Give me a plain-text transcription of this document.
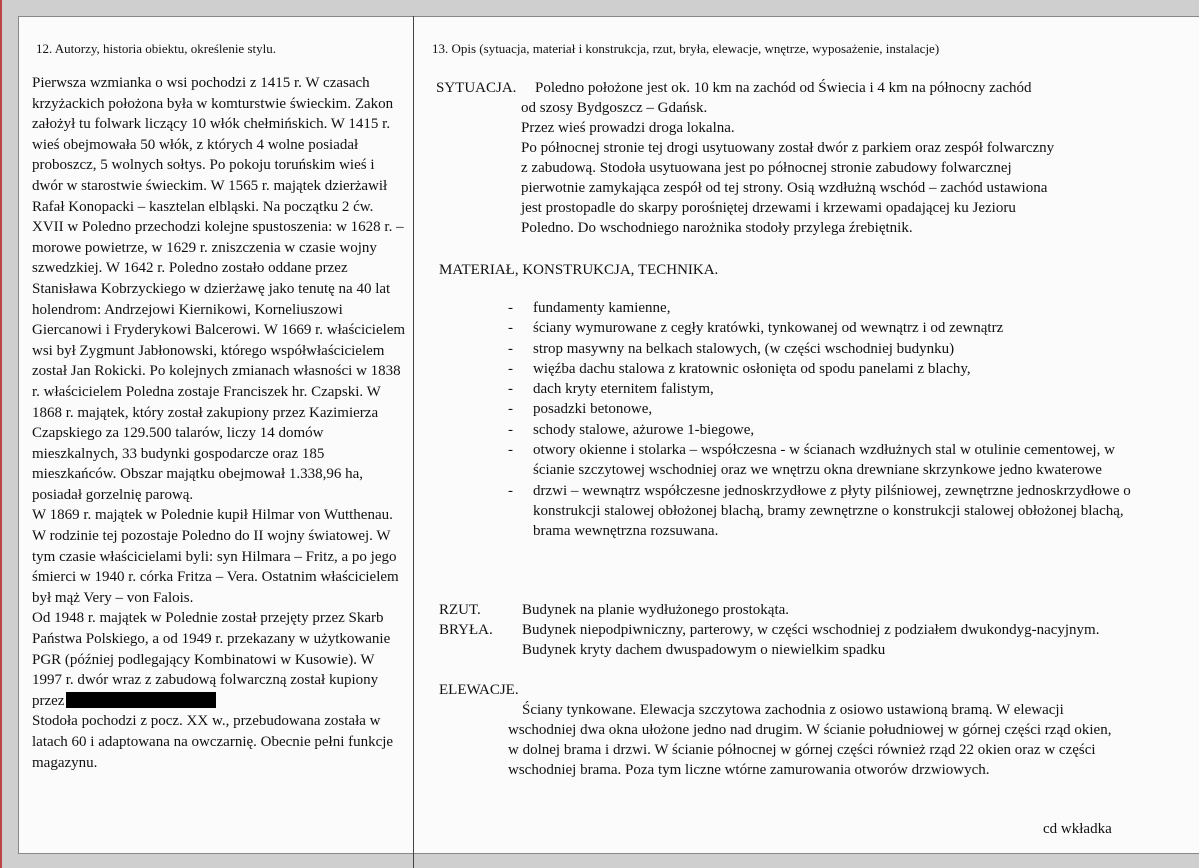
12. Autorzy, historia obiektu, określenie stylu.

Pierwsza wzmianka o wsi pochodzi z 1415 r. W czasach krzyżackich położona była w komturstwie świeckim. Zakon założył tu folwark liczący 10 włók chełmińskich. W 1415 r. wieś obejmowała 50 włók, z których 4 wolne posiadał proboszcz, 5 wolnych sołtys. Po pokoju toruńskim wieś i dwór w starostwie świeckim. W 1565 r. majątek dzierżawił Rafał Konopacki – kasztelan elbląski. Na początku 2 ćw. XVII w Poledno przechodzi kolejne spustoszenia: w 1628 r. – morowe powietrze, w 1629 r. zniszczenia w czasie wojny szwedzkiej. W 1642 r. Poledno zostało oddane przez Stanisława Kobrzyckiego w dzierżawę jako tenutę na 40 lat holendrom: Andrzejowi Kiernikowi, Korneliuszowi Giercanowi i Fryderykowi Balcerowi. W 1669 r. właścicielem wsi był Zygmunt Jabłonowski, którego współwłaścicielem został Jan Rokicki. Po kolejnych zmianach własności w 1838 r. właścicielem Poledna zostaje Franciszek hr. Czapski. W 1868 r. majątek, który został zakupiony przez Kazimierza Czapskiego za 129.500 talarów, liczy 14 domów mieszkalnych, 33 budynki gospodarcze oraz 185 mieszkańców. Obszar majątku obejmował 1.338,96 ha, posiadał gorzelnię parową.

W 1869 r. majątek w Polednie kupił Hilmar von Wutthenau. W rodzinie tej pozostaje Poledno do II wojny światowej. W tym czasie właścicielami byli: syn Hilmara – Fritz, a po jego śmierci w 1940 r. córka Fritza – Vera. Ostatnim właścicielem był mąż Very – von Falois.

Od 1948 r. majątek w Polednie został przejęty przez Skarb Państwa Polskiego, a od 1949 r. przekazany w użytkowanie PGR (później podlegający Kombinatowi w Kusowie). W 1997 r. dwór wraz z zabudową folwarczną został kupiony przez
Stodoła pochodzi z pocz. XX w., przebudowana została w latach 60 i adaptowana na owczarnię. Obecnie pełni funkcje magazynu.

13. Opis (sytuacja, materiał i konstrukcja, rzut, bryła, elewacje, wnętrze, wyposażenie, instalacje)
SYTUACJA. Poledno położone jest ok. 10 km na zachód od Świecia i 4 km na północny zachód
od szosy Bydgoszcz – Gdańsk.
Przez wieś prowadzi droga lokalna.
Po północnej stronie tej drogi usytuowany został dwór z parkiem oraz zespół folwarczny
z zabudową. Stodoła usytuowana jest po północnej stronie zabudowy folwarcznej
pierwotnie zamykająca zespół od tej strony. Osią wzdłużną wschód – zachód ustawiona
jest prostopadle do skarpy porośniętej drzewami i krzewami opadającej ku Jezioru
Poledno. Do wschodniego narożnika stodoły przylega źrebiętnik.
MATERIAŁ, KONSTRUKCJA, TECHNIKA.
- fundamenty kamienne,
- ściany wymurowane z cegły kratówki, tynkowanej od wewnątrz i od zewnątrz
- strop masywny na belkach stalowych, (w części wschodniej budynku)
- więźba dachu stalowa z kratownic osłonięta od spodu panelami z blachy,
- dach kryty eternitem falistym,
- posadzki betonowe,
- schody stalowe, ażurowe 1-biegowe,
- otwory okienne i stolarka – współczesna - w ścianach wzdłużnych stal w otulinie cementowej, w ścianie szczytowej wschodniej oraz we wnętrzu okna drewniane skrzynkowe jedno kwaterowe
- drzwi – wewnątrz współczesne jednoskrzydłowe z płyty pilśniowej, zewnętrzne jednoskrzydłowe o konstrukcji stalowej obłożonej blachą, bramy zewnętrzne o konstrukcji stalowej obłożonej blachą, brama wewnętrzna rozsuwana.
RZUT.	Budynek na planie wydłużonego prostokąta.
BRYŁA. Budynek niepodpiwniczny, parterowy, w części wschodniej z podziałem dwukondyg-nacyjnym. Budynek kryty dachem dwuspadowym o niewielkim spadku
ELEWACJE.

Ściany tynkowane. Elewacja szczytowa zachodnia z osiowo ustawioną bramą. W elewacji wschodniej dwa okna ułożone jedno nad drugim. W ścianie południowej w górnej części rząd okien, w dolnej brama i drzwi. W ścianie północnej w górnej części również rząd 22 okien oraz w części wschodniej brama. Poza tym liczne wtórne zamurowania otworów drzwiowych.

cd wkładka
